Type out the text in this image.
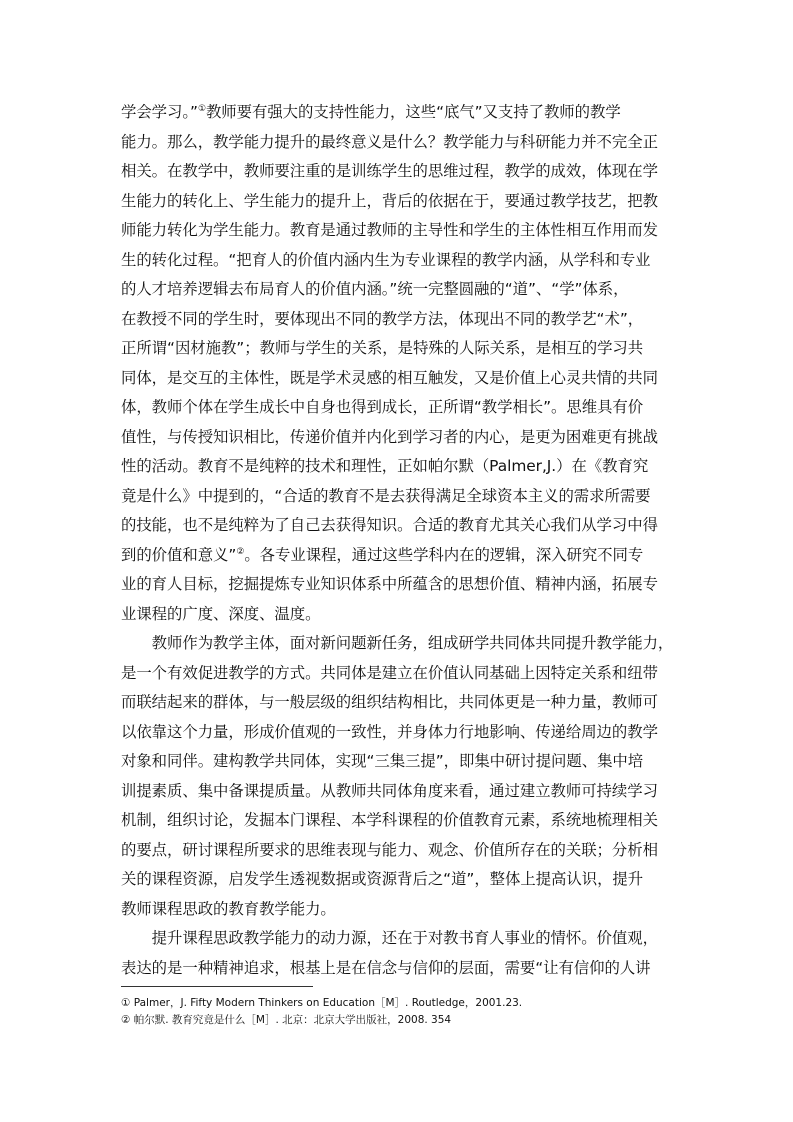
学会学习。”①教师要有强大的支持性能力，这些“底气”又支持了教师的教学
能力。那么，教学能力提升的最终意义是什么？教学能力与科研能力并不完全正
相关。在教学中，教师要注重的是训练学生的思维过程，教学的成效，体现在学
生能力的转化上、学生能力的提升上，背后的依据在于，要通过教学技艺，把教
师能力转化为学生能力。教育是通过教师的主导性和学生的主体性相互作用而发
生的转化过程。“把育人的价值内涵内生为专业课程的教学内涵，从学科和专业
的人才培养逻辑去布局育人的价值内涵。”统一完整圆融的“道”、“学”体系，
在教授不同的学生时，要体现出不同的教学方法，体现出不同的教学艺“术”，
正所谓“因材施教”；教师与学生的关系，是特殊的人际关系，是相互的学习共
同体，是交互的主体性，既是学术灵感的相互触发，又是价值上心灵共情的共同
体，教师个体在学生成长中自身也得到成长，正所谓“教学相长”。思维具有价
值性，与传授知识相比，传递价值并内化到学习者的内心，是更为困难更有挑战
性的活动。教育不是纯粹的技术和理性，正如帕尔默（Palmer,J.）在《教育究
竟是什么》中提到的，“合适的教育不是去获得满足全球资本主义的需求所需要
的技能，也不是纯粹为了自己去获得知识。合适的教育尤其关心我们从学习中得
到的价值和意义”②。各专业课程，通过这些学科内在的逻辑，深入研究不同专
业的育人目标，挖掘提炼专业知识体系中所蕴含的思想价值、精神内涵，拓展专
业课程的广度、深度、温度。
　　教师作为教学主体，面对新问题新任务，组成研学共同体共同提升教学能力，
是一个有效促进教学的方式。共同体是建立在价值认同基础上因特定关系和纽带
而联结起来的群体，与一般层级的组织结构相比，共同体更是一种力量，教师可
以依靠这个力量，形成价值观的一致性，并身体力行地影响、传递给周边的教学
对象和同伴。建构教学共同体，实现“三集三提”，即集中研讨提问题、集中培
训提素质、集中备课提质量。从教师共同体角度来看，通过建立教师可持续学习
机制，组织讨论，发掘本门课程、本学科课程的价值教育元素，系统地梳理相关
的要点，研讨课程所要求的思维表现与能力、观念、价值所存在的关联；分析相
关的课程资源，启发学生透视数据或资源背后之“道”，整体上提高认识，提升
教师课程思政的教育教学能力。
　　提升课程思政教学能力的动力源，还在于对教书育人事业的情怀。价值观，
表达的是一种精神追求，根基上是在信念与信仰的层面，需要“让有信仰的人讲
① Palmer，J. Fifty Modern Thinkers on Education［M］. Routledge，2001.23.
② 帕尔默. 教育究竟是什么［M］. 北京：北京大学出版社，2008. 354
